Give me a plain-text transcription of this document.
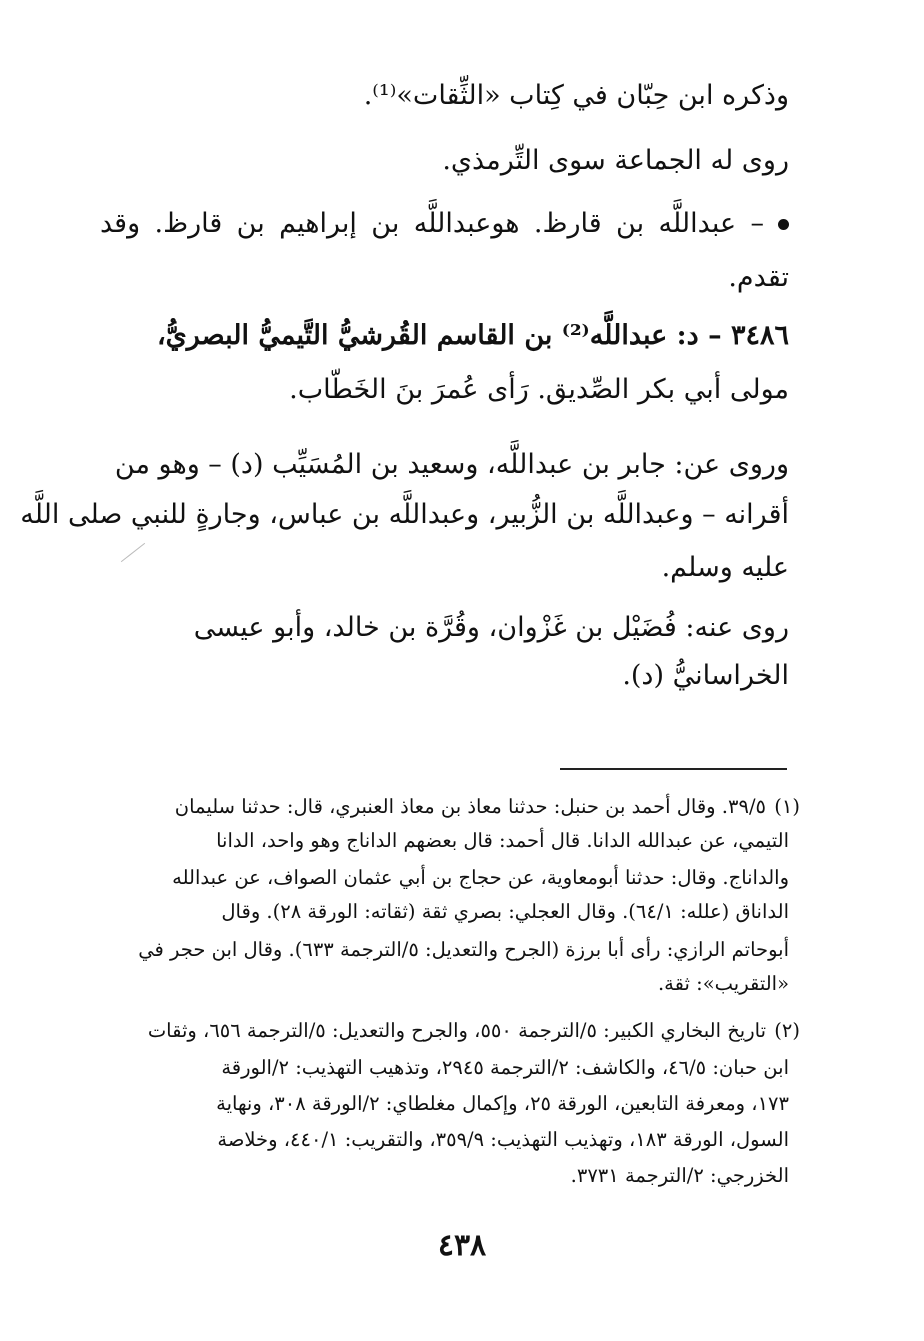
وذكره ابن حِبّان في كِتاب «الثِّقات»⁽¹⁾.
روى له الجماعة سوى التِّرمذي.
– عبداللَّه بن قارظ. هوعبداللَّه بن إبراهيم بن قارظ. وقد
تقدم.
٣٤٨٦ – د: عبداللَّه⁽²⁾ بن القاسم القُرشيُّ التَّيميُّ البصريُّ،
مولى أبي بكر الصِّديق. رَأى عُمرَ بنَ الخَطّاب.
وروى عن: جابر بن عبداللَّه، وسعيد بن المُسَيِّب (د) – وهو من
أقرانه – وعبداللَّه بن الزُّبير، وعبداللَّه بن عباس، وجارةٍ للنبي صلى اللَّه
عليه وسلم.
روى عنه: فُضَيْل بن غَزْوان، وقُرَّة بن خالد، وأبو عيسى
الخراسانيُّ (د).
(١)
٣٩/٥. وقال أحمد بن حنبل: حدثنا معاذ بن معاذ العنبري، قال: حدثنا سليمان
التيمي، عن عبدالله الدانا. قال أحمد: قال بعضهم الداناج وهو واحد، الدانا
والداناج. وقال: حدثنا أبومعاوية، عن حجاج بن أبي عثمان الصواف، عن عبدالله
الداناق (علله: ٦٤/١). وقال العجلي: بصري ثقة (ثقاته: الورقة ٢٨). وقال
أبوحاتم الرازي: رأى أبا برزة (الجرح والتعديل: ٥/الترجمة ٦٣٣). وقال ابن حجر في
«التقريب»: ثقة.
(٢)
تاريخ البخاري الكبير: ٥/الترجمة ٥٥٠، والجرح والتعديل: ٥/الترجمة ٦٥٦، وثقات
ابن حبان: ٤٦/٥، والكاشف: ٢/الترجمة ٢٩٤٥، وتذهيب التهذيب: ٢/الورقة
١٧٣، ومعرفة التابعين، الورقة ٢٥، وإكمال مغلطاي: ٢/الورقة ٣٠٨، ونهاية
السول، الورقة ١٨٣، وتهذيب التهذيب: ٣٥٩/٩، والتقريب: ٤٤٠/١، وخلاصة
الخزرجي: ٢/الترجمة ٣٧٣١.
٤٣٨
